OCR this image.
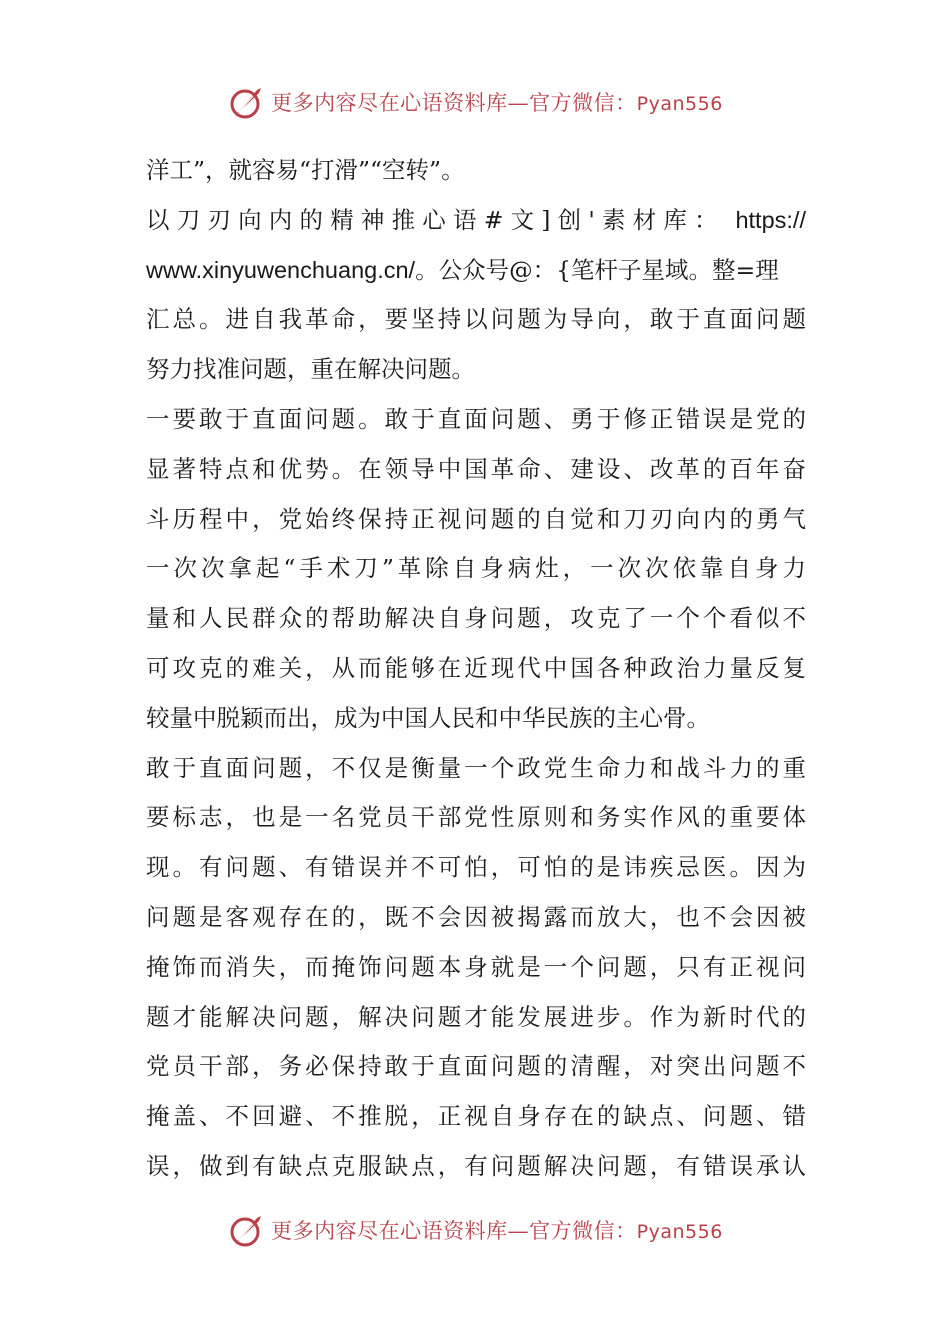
更多内容尽在心语资料库—官方微信：Pyan556
洋工”，就容易“打滑”“空转”。
以刀刃向内的精神推心语#文]创'素材库： https://
www.xinyuwenchuang.cn/。公众号@：{笔杆子星域。整=理
汇总。进自我革命，要坚持以问题为导向，敢于直面问题
努力找准问题，重在解决问题。
一要敢于直面问题。敢于直面问题、勇于修正错误是党的
显著特点和优势。在领导中国革命、建设、改革的百年奋
斗历程中，党始终保持正视问题的自觉和刀刃向内的勇气
一次次拿起“手术刀”革除自身病灶，一次次依靠自身力
量和人民群众的帮助解决自身问题，攻克了一个个看似不
可攻克的难关，从而能够在近现代中国各种政治力量反复
较量中脱颖而出，成为中国人民和中华民族的主心骨。
敢于直面问题，不仅是衡量一个政党生命力和战斗力的重
要标志，也是一名党员干部党性原则和务实作风的重要体
现。有问题、有错误并不可怕，可怕的是讳疾忌医。因为
问题是客观存在的，既不会因被揭露而放大，也不会因被
掩饰而消失，而掩饰问题本身就是一个问题，只有正视问
题才能解决问题，解决问题才能发展进步。作为新时代的
党员干部，务必保持敢于直面问题的清醒，对突出问题不
掩盖、不回避、不推脱，正视自身存在的缺点、问题、错
误，做到有缺点克服缺点，有问题解决问题，有错误承认
更多内容尽在心语资料库—官方微信：Pyan556
